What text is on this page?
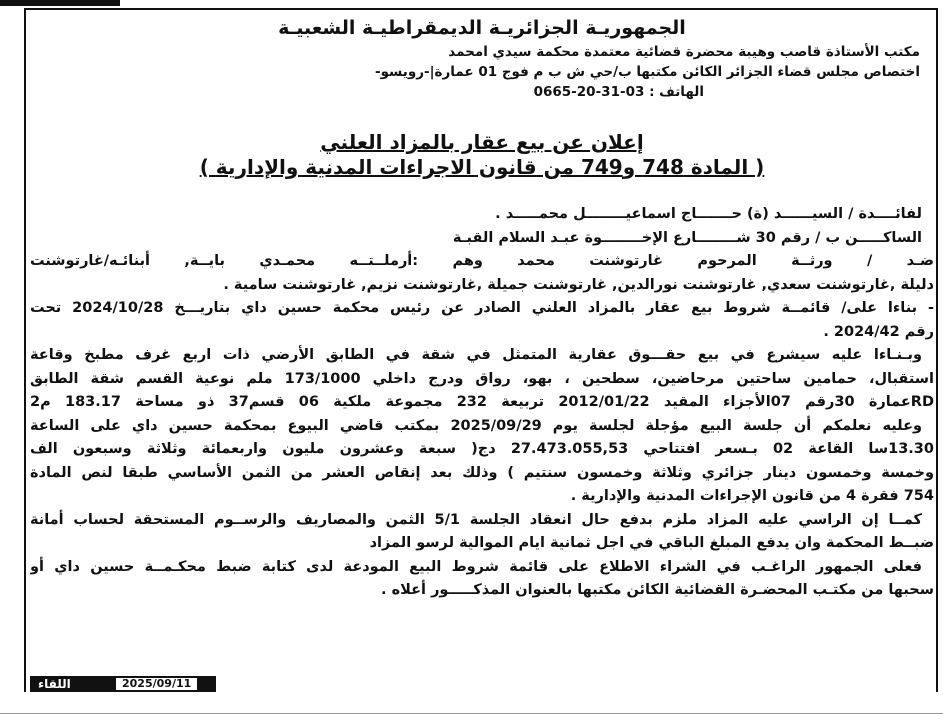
الجمهوريـة الجزائريـة الديمقراطيـة الشعبيـة
مكتب الأستاذة قاصب وهيبة محضرة قضائية معتمدة محكمة سيدي امحمد
اختصاص مجلس قضاء الجزائر الكائن مكتبها ب/حي ش ب م فوج 01 عمارة|-رويسو-
الهاتف : 0665-20-31-03
إعلان عن بيع عقار بالمزاد العلني
( المادة 748 و749 من قانون الاجراءات المدنية والإدارية )
لفائــــدة / السيــــــد (ة) حـــــــاج اسماعيــــــــل محمـــــد .
الساكـــــن ب / رقم 30 شــــــــارع الإخــــــــوة عبـد السلام القبـة
ضـد / ورثــة المرحوم غارتوشنت محمد وهم :أرملــتــه محمـدي بايــة, أبنائـه/غارتوشنت
دليلة ,غارتوشنت سعدي, غارتوشنت نورالدين, غارتوشنت جميلة ,غارتوشنت نزيم, غارتوشنت سامية .
- بناءا على/ قائمــة شروط بيع عقار بالمزاد العلني الصادر عن رئيس محكمة حسين داي بتاريـــخ 2024/10/28 تحت
رقم 2024/42 .
وبـنـاءا عليه سيشرع في بيع حقـــوق عقارية المتمثل في شقة في الطابق الأرضي ذات اربع غرف مطبخ وقاعة
استقبال، حمامين ساحتين مرحاضين، سطحين ، بهو، رواق ودرج داخلي 173/1000 ملم نوعية القسم شقة الطابق
RDعمارة 30رقم 07الأجزاء المقيد 2012/01/22 تربيعة 232 مجموعة ملكية 06 قسم37 ذو مساحة 183.17 م2
وعليه نعلمكم أن جلسة البيع مؤجلة لجلسة يوم 2025/09/29 بمكتب قاضي البيوع بمحكمة حسين داي على الساعة
13.30سا القاعة 02 بـسعر افتتاحي 27.473.055,53 دج( سبعة وعشرون مليون واربعمائة وثلاثة وسبعون الف
وخمسة وخمسون دينار جزائري وثلاثة وخمسون سنتيم ) وذلك بعد إنقاص العشر من الثمن الأساسي طبقا لنص المادة
754 فقرة 4 من قانون الإجراءات المدنية والإدارية .
كمــا إن الراسي عليه المزاد ملزم بدفع حال انعقاد الجلسة 5/1 الثمن والمصاريف والرســوم المستحقة لحساب أمانة
ضبــط المحكمة وان يدفع المبلغ الباقي في اجل ثمانية ايام الموالية لرسو المزاد
فعلى الجمهور الراغـب في الشراء الاطلاع على قائمة شروط البيع المودعة لدى كتابة ضبط محكـمــة حسين داي أو
سحبها من مكتـب المحضـرة القضائية الكائن مكتبها بالعنوان المذكـــــور أعلاه .
اللقاء	2025/09/11
